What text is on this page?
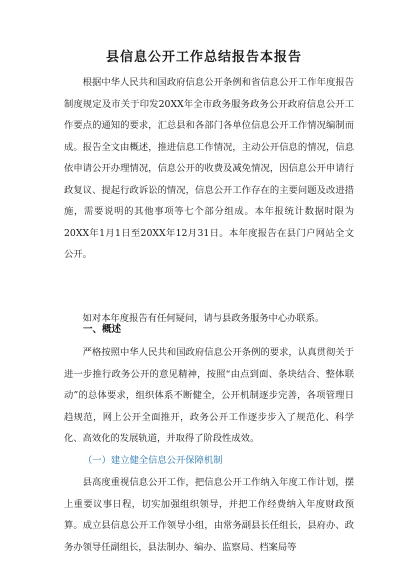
县信息公开工作总结报告本报告

根据中华人民共和国政府信息公开条例和省信息公开工作年度报告制度规定及市关于印发20XX年全市政务服务政务公开政府信息公开工作要点的通知的要求，汇总县和各部门各单位信息公开工作情况编制而成。报告全文由概述，推进信息工作情况，主动公开信息的情况，信息依申请公开办理情况，信息公开的收费及减免情况，因信息公开申请行政复议、提起行政诉讼的情况，信息公开工作存在的主要问题及改进措施，需要说明的其他事项等七个部分组成。本年报统计数据时限为20XX年1月1日至20XX年12月31日。本年度报告在县门户网站全文公开。

如对本年度报告有任何疑问，请与县政务服务中心办联系。

一、概述

严格按照中华人民共和国政府信息公开条例的要求，认真贯彻关于进一步推行政务公开的意见精神，按照“由点到面、条块结合、整体联动”的总体要求，组织体系不断健全，公开机制逐步完善，各项管理日趋规范，网上公开全面推开，政务公开工作逐步步入了规范化、科学化、高效化的发展轨道，并取得了阶段性成效。

（一）建立健全信息公开保障机制

县高度重视信息公开工作，把信息公开工作纳入年度工作计划，摆上重要议事日程，切实加强组织领导，并把工作经费纳入年度财政预算。成立县信息公开工作领导小组，由常务副县长任组长，县府办、政务办领导任副组长，县法制办、编办、监察局、档案局等
